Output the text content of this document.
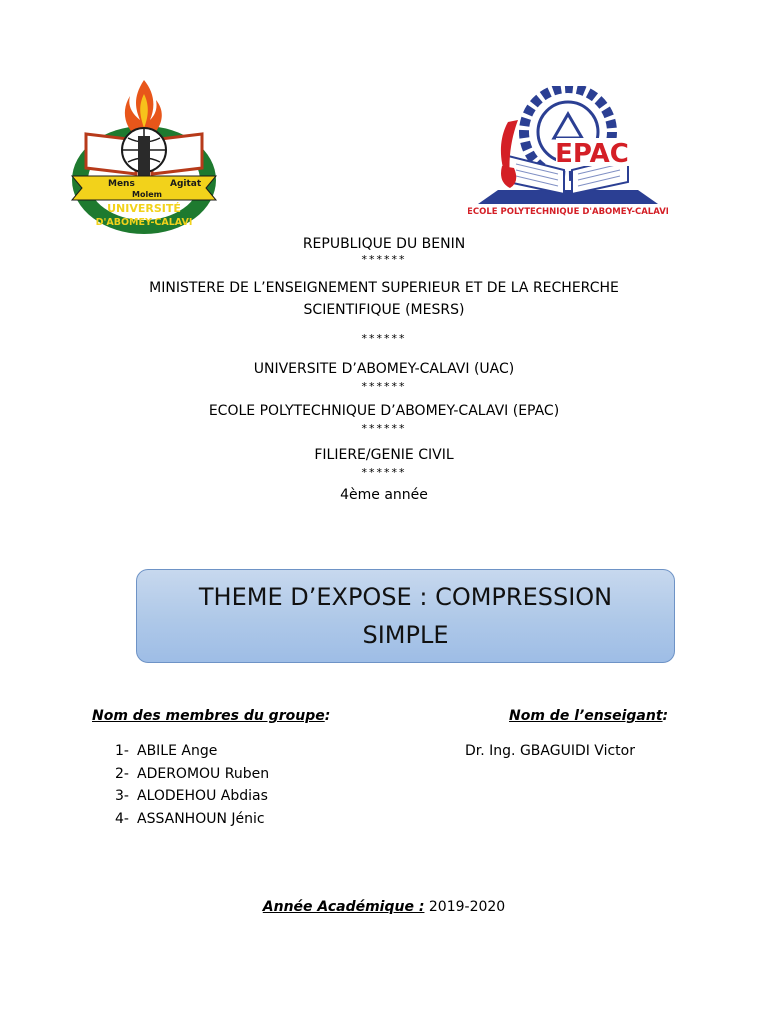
Mens	Agitat
Molem
UNIVERSITÉ
D'ABOMEY-CALAVI
EPAC
ECOLE POLYTECHNIQUE D'ABOMEY-CALAVI
REPUBLIQUE DU BENIN
******
MINISTERE DE L’ENSEIGNEMENT SUPERIEUR ET DE LA RECHERCHE
SCIENTIFIQUE (MESRS)
******
UNIVERSITE D’ABOMEY-CALAVI (UAC)
******
ECOLE POLYTECHNIQUE D’ABOMEY-CALAVI (EPAC)
******
FILIERE/GENIE CIVIL
******
4ème année
THEME D’EXPOSE : COMPRESSION
SIMPLE
Nom des membres du groupe:	Nom de l’enseigant:
1- ABILE Ange
2- ADEROMOU Ruben
3- ALODEHOU Abdias
4- ASSANHOUN Jénic
Dr. Ing. GBAGUIDI Victor
Année Académique : 2019-2020
